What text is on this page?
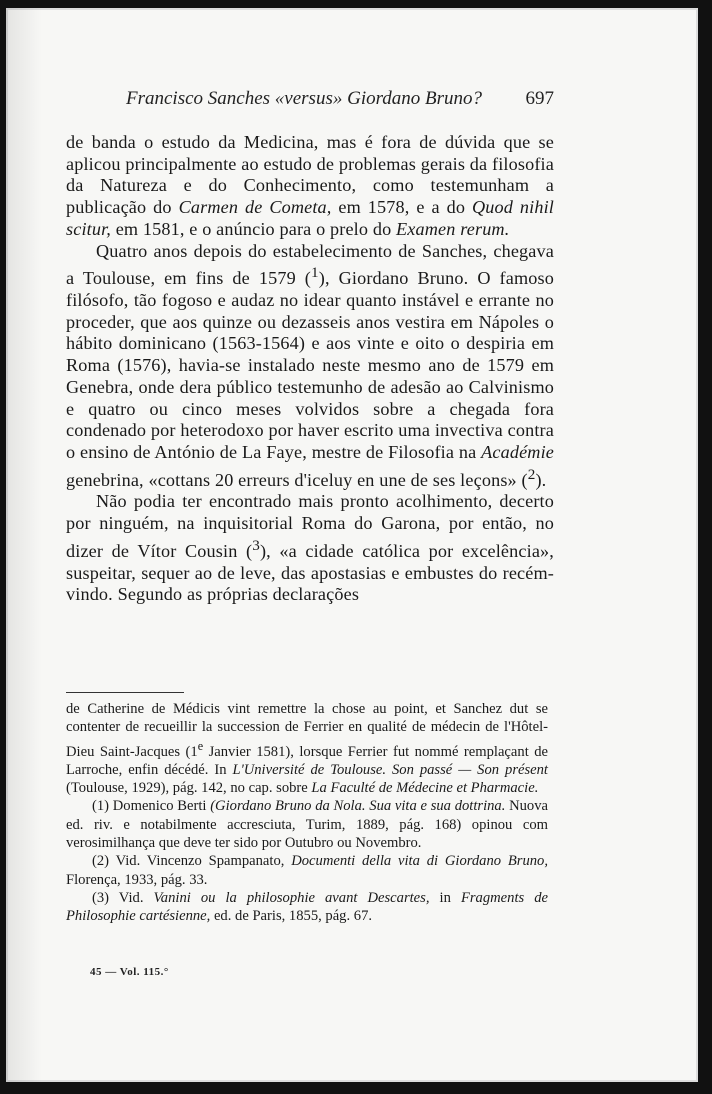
Francisco Sanches «versus» Giordano Bruno? 697

de banda o estudo da Medicina, mas é fora de dúvida que se aplicou principalmente ao estudo de problemas gerais da filosofia da Natureza e do Conhecimento, como testemunham a publicação do Carmen de Cometa, em 1578, e a do Quod nihil scitur, em 1581, e o anúncio para o prelo do Examen rerum.

Quatro anos depois do estabelecimento de Sanches, chegava a Toulouse, em fins de 1579 ($^1$), Giordano Bruno. O famoso filósofo, tão fogoso e audaz no idear quanto instável e errante no proceder, que aos quinze ou dezasseis anos vestira em Nápoles o hábito dominicano (1563-1564) e aos vinte e oito o despiria em Roma (1576), havia-se instalado neste mesmo ano de 1579 em Genebra, onde dera público testemunho de adesão ao Calvinismo e quatro ou cinco meses volvidos sobre a chegada fora condenado por heterodoxo por haver escrito uma invectiva contra o ensino de António de La Faye, mestre de Filosofia na Académie genebrina, «cottans 20 erreurs d'iceluy en une de ses leçons» ($^2$).

Não podia ter encontrado mais pronto acolhimento, decerto por ninguém, na inquisitorial Roma do Garona, por então, no dizer de Vítor Cousin ($^3$), «a cidade católica por excelência», suspeitar, sequer ao de leve, das apostasias e embustes do recém-vindo. Segundo as próprias declarações

de Catherine de Médicis vint remettre la chose au point, et Sanchez dut se contenter de recueillir la succession de Ferrier en qualité de médecin de l'Hôtel-Dieu Saint-Jacques (1e Janvier 1581), lorsque Ferrier fut nommé remplaçant de Larroche, enfin décédé. In L'Université de Toulouse. Son passé — Son présent (Toulouse, 1929), pág. 142, no cap. sobre La Faculté de Médecine et Pharmacie.

(1) Domenico Berti (Giordano Bruno da Nola. Sua vita e sua dottrina. Nuova ed. riv. e notabilmente accresciuta, Turim, 1889, pág. 168) opinou com verosimilhança que deve ter sido por Outubro ou Novembro.

(2) Vid. Vincenzo Spampanato, Documenti della vita di Giordano Bruno, Florença, 1933, pág. 33.

(3) Vid. Vanini ou la philosophie avant Descartes, in Fragments de Philosophie cartésienne, ed. de Paris, 1855, pág. 67.

45 — Vol. 115.°
